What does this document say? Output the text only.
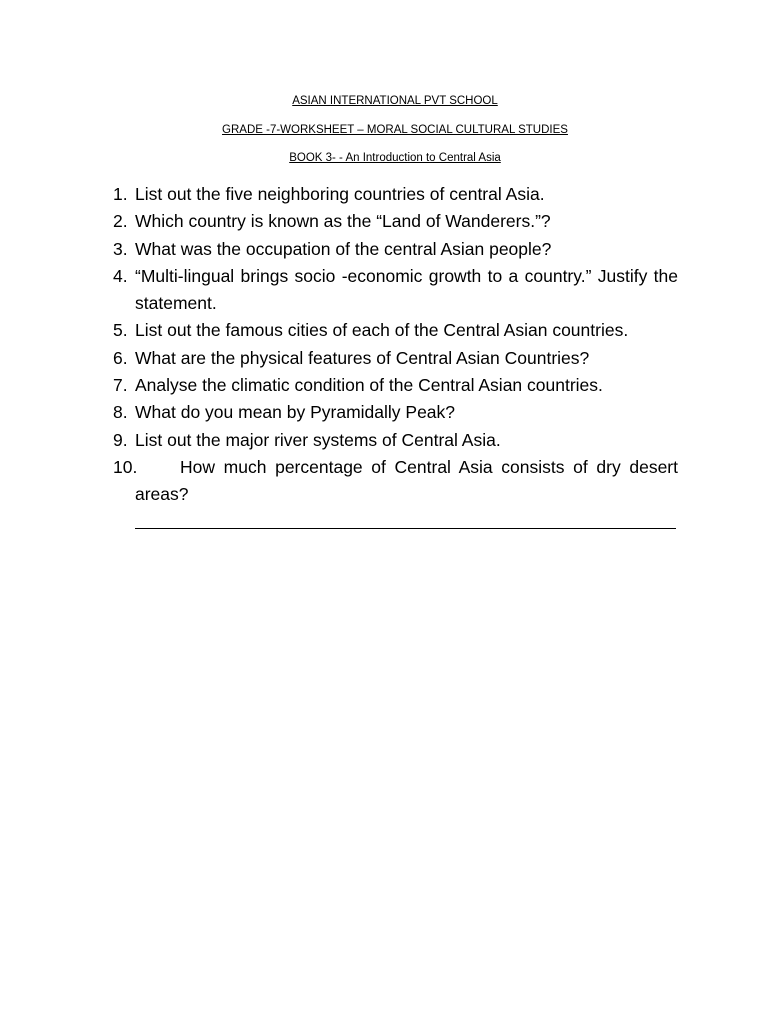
ASIAN INTERNATIONAL PVT SCHOOL
GRADE -7-WORKSHEET – MORAL SOCIAL CULTURAL STUDIES
BOOK 3- - An Introduction to Central Asia
1. List out the five neighboring countries of central Asia.
2. Which country is known as the “Land of Wanderers.”?
3. What was the occupation of the central Asian people?
4. “Multi-lingual brings socio -economic growth to a country.” Justify the statement.
5. List out the famous cities of each of the Central Asian countries.
6. What are the physical features of Central Asian Countries?
7. Analyse the climatic condition of the Central Asian countries.
8. What do you mean by Pyramidally Peak?
9. List out the major river systems of Central Asia.
10.	How much percentage of Central Asia consists of dry desert areas?
